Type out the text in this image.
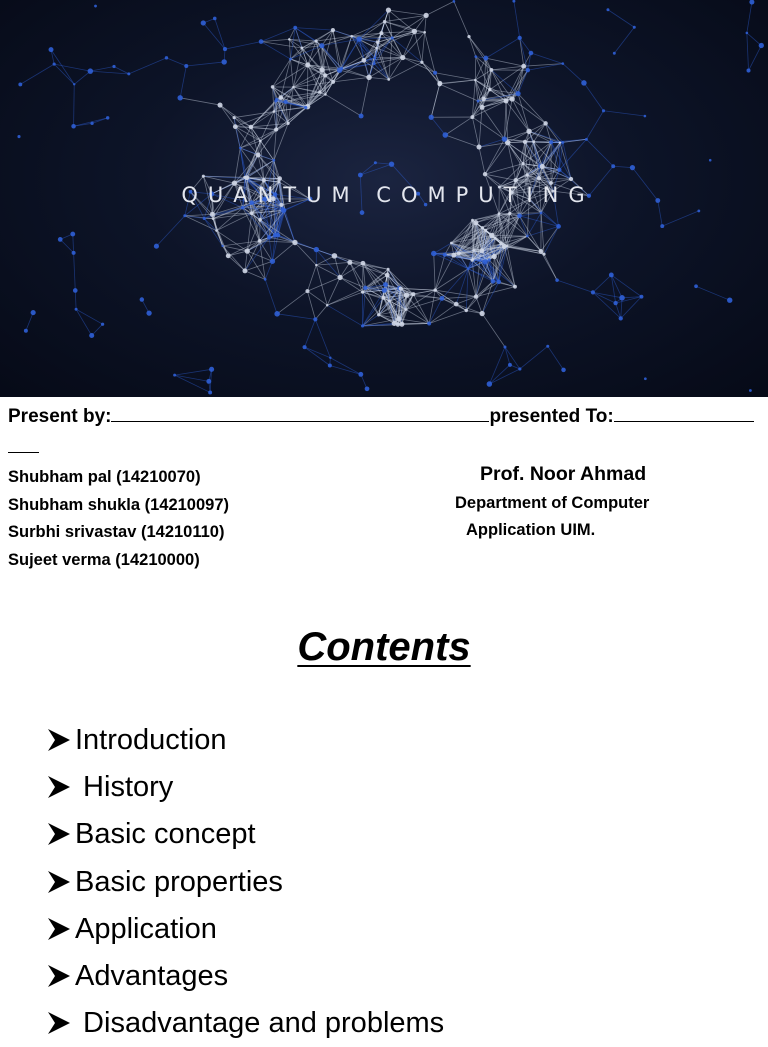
QUANTUM COMPUTING
Present by:	presented To:
Shubham pal (14210070)
Shubham shukla (14210097)
Surbhi srivastav (14210110)
Sujeet verma (14210000)
Prof. Noor Ahmad
Department of Computer
Application UIM.
Contents
Introduction
History
Basic concept
Basic properties
Application
Advantages
Disadvantage and problems
